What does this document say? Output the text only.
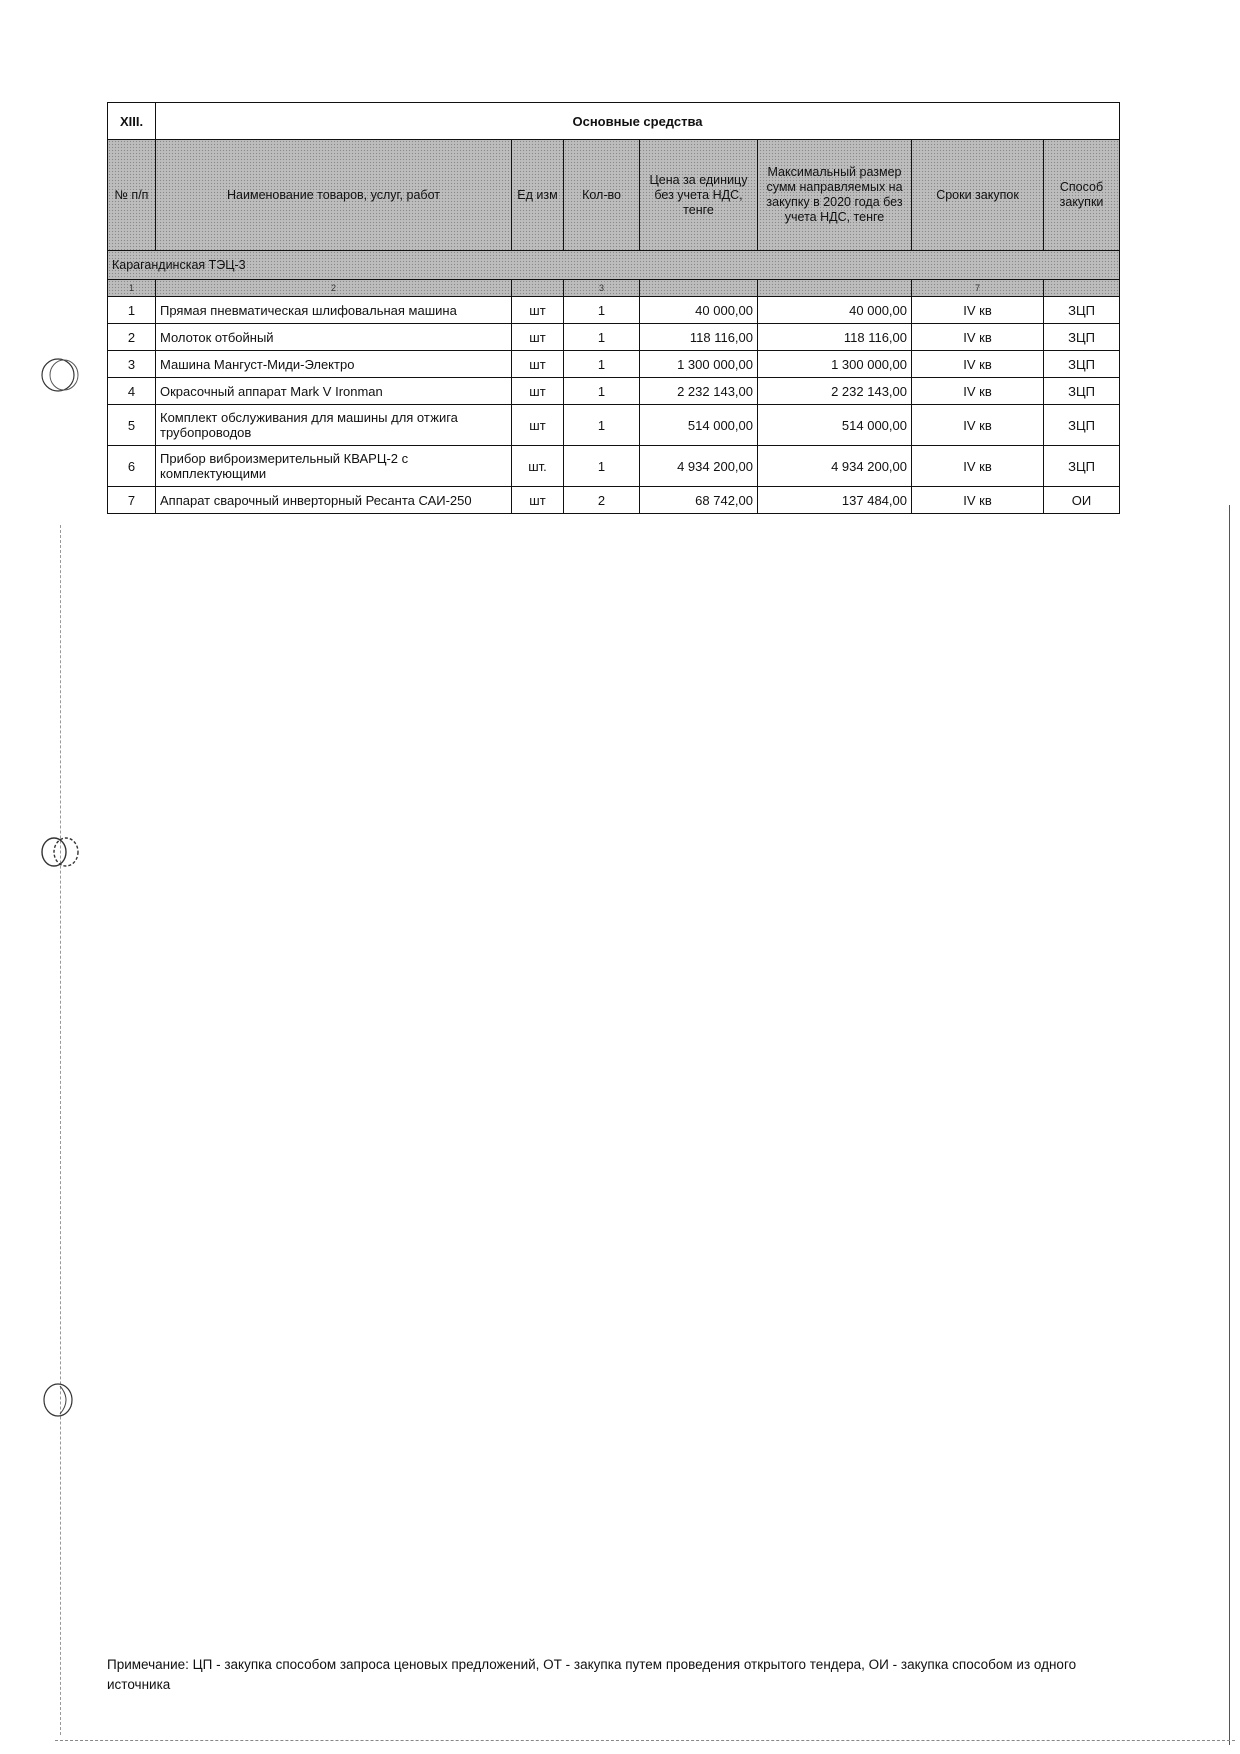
XIII.	Основные средства						
№ п/п	Наименование товаров, услуг, работ	Ед изм	Кол-во	Цена за единицу без учета НДС, тенге	Максимальный размер сумм направляемых на закупку в 2020 года без учета НДС, тенге	Сроки закупок	Способ закупки
Карагандинская ТЭЦ-3							
1	2		3			7	
1	Прямая пневматическая шлифовальная машина	шт	1	40 000,00	40 000,00	IV кв	ЗЦП
2	Молоток отбойный	шт	1	118 116,00	118 116,00	IV кв	ЗЦП
3	Машина Мангуст-Миди-Электро	шт	1	1 300 000,00	1 300 000,00	IV кв	ЗЦП
4	Окрасочный аппарат Mark V Ironman	шт	1	2 232 143,00	2 232 143,00	IV кв	ЗЦП
5	Комплект обслуживания для машины для отжига трубопроводов	шт	1	514 000,00	514 000,00	IV кв	ЗЦП
6	Прибор виброизмерительный КВАРЦ-2 с комплектующими	шт.	1	4 934 200,00	4 934 200,00	IV кв	ЗЦП
7	Аппарат сварочный инверторный Ресанта САИ-250	шт	2	68 742,00	137 484,00	IV кв	ОИ
Примечание: ЦП - закупка способом запроса ценовых предложений, ОТ - закупка путем проведения открытого тендера, ОИ - закупка способом из одного источника
